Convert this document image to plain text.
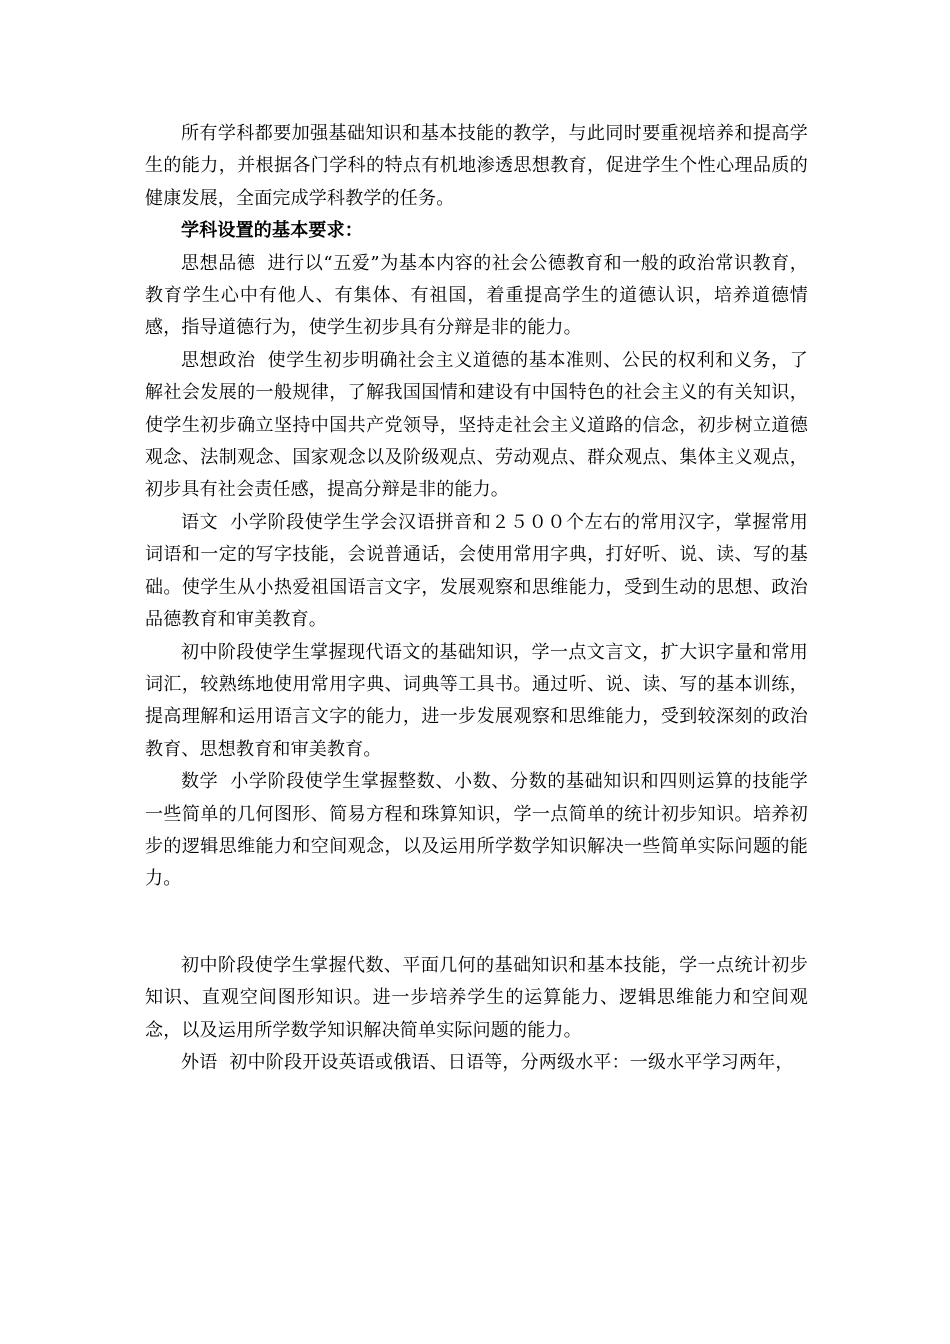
所有学科都要加强基础知识和基本技能的教学，与此同时要重视培养和提高学生的能力，并根据各门学科的特点有机地渗透思想教育，促进学生个性心理品质的健康发展，全面完成学科教学的任务。

学科设置的基本要求：

思想品德 进行以“五爱”为基本内容的社会公德教育和一般的政治常识教育，教育学生心中有他人、有集体、有祖国，着重提高学生的道德认识，培养道德情感，指导道德行为，使学生初步具有分辩是非的能力。

思想政治 使学生初步明确社会主义道德的基本准则、公民的权利和义务，了解社会发展的一般规律，了解我国国情和建设有中国特色的社会主义的有关知识，使学生初步确立坚持中国共产党领导，坚持走社会主义道路的信念，初步树立道德观念、法制观念、国家观念以及阶级观点、劳动观点、群众观点、集体主义观点，初步具有社会责任感，提高分辩是非的能力。

语文 小学阶段使学生学会汉语拼音和２５００个左右的常用汉字，掌握常用词语和一定的写字技能，会说普通话，会使用常用字典，打好听、说、读、写的基础。使学生从小热爱祖国语言文字，发展观察和思维能力，受到生动的思想、政治品德教育和审美教育。

初中阶段使学生掌握现代语文的基础知识，学一点文言文，扩大识字量和常用词汇，较熟练地使用常用字典、词典等工具书。通过听、说、读、写的基本训练，提高理解和运用语言文字的能力，进一步发展观察和思维能力，受到较深刻的政治教育、思想教育和审美教育。

数学 小学阶段使学生掌握整数、小数、分数的基础知识和四则运算的技能学一些简单的几何图形、简易方程和珠算知识，学一点简单的统计初步知识。培养初步的逻辑思维能力和空间观念，以及运用所学数学知识解决一些简单实际问题的能力。

初中阶段使学生掌握代数、平面几何的基础知识和基本技能，学一点统计初步知识、直观空间图形知识。进一步培养学生的运算能力、逻辑思维能力和空间观念，以及运用所学数学知识解决简单实际问题的能力。

外语 初中阶段开设英语或俄语、日语等，分两级水平：一级水平学习两年，
